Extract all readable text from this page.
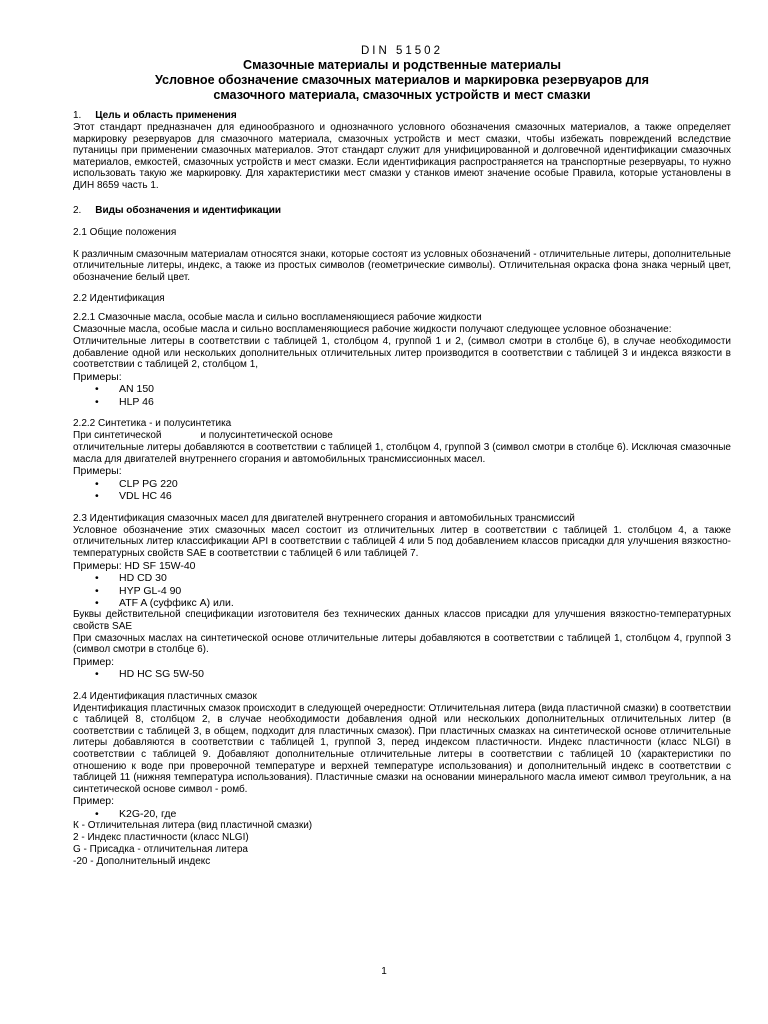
DIN 51502
Смазочные материалы и родственные материалы
Условное обозначение смазочных материалов и маркировка резервуаров для
смазочного материала, смазочных устройств и мест смазки
1. Цель и область применения
Этот стандарт предназначен для единообразного и однозначного условного обозначения смазочных материалов, а также определяет маркировку резервуаров для смазочного материала, смазочных устройств и мест смазки, чтобы избежать повреждений вследствие путаницы при применении смазочных материалов. Этот стандарт служит для унифицированной и долговечной идентификации смазочных материалов, емкостей, смазочных устройств и мест смазки. Если идентификация распространяется на транспортные резервуары, то нужно использовать такую же маркировку. Для характеристики мест смазки у станков имеют значение особые Правила, которые установлены в ДИН 8659 часть 1.
2. Виды обозначения и идентификации
2.1 Общие положения
К различным смазочным материалам относятся знаки, которые состоят из условных обозначений - отличительные литеры, дополнительные отличительные литеры, индекс, а также из простых символов (геометрические символы). Отличительная окраска фона знака черный цвет, обозначение белый цвет.
2.2 Идентификация
2.2.1 Смазочные масла, особые масла и сильно воспламеняющиеся рабочие жидкости
Смазочные масла, особые масла и сильно воспламеняющиеся рабочие жидкости получают следующее условное обозначение:
Отличительные литеры в соответствии с таблицей 1, столбцом 4, группой 1 и 2, (символ смотри в столбце 6), в случае необходимости добавление одной или нескольких дополнительных отличительных литер производится в соответствии с таблицей 3 и индекса вязкости в соответствии с таблицей 2, столбцом 1,
Примеры:
• AN 150
• HLP 46
2.2.2 Синтетика - и полусинтетика
При синтетической              и полусинтетической основе
отличительные литеры добавляются в соответствии с таблицей 1, столбцом 4, группой 3 (символ смотри в столбце 6). Исключая смазочные масла для двигателей внутреннего сгорания и автомобильных трансмиссионных масел.
Примеры:
• CLP PG 220
• VDL HC 46
2.3 Идентификация смазочных масел для двигателей внутреннего сгорания и автомобильных трансмиссий
Условное обозначение этих смазочных масел состоит из отличительных литер в соответствии с таблицей 1. столбцом 4, а также отличительных литер классификации API в соответствии с таблицей 4 или 5 под добавлением классов присадки для улучшения вязкостно-температурных свойств SAE в соответствии с таблицей 6 или таблицей 7.
Примеры: HD SF 15W-40
• HD CD 30
• HYP GL-4 90
• ATF A (суффикс А) или.
Буквы действительной спецификации изготовителя без технических данных классов присадки для улучшения вязкостно-температурных свойств SAE
При смазочных маслах на синтетической основе отличительные литеры добавляются в соответствии с таблицей 1, столбцом 4, группой 3 (символ смотри в столбце 6).
Пример:
• HD HC SG 5W-50
2.4 Идентификация пластичных смазок
Идентификация пластичных смазок происходит в следующей очередности: Отличительная литера (вида пластичной смазки) в соответствии с таблицей 8, столбцом 2, в случае необходимости добавления одной или нескольких дополнительных отличительных литер (в соответствии с таблицей 3, в общем, подходит для пластичных смазок). При пластичных смазках на синтетической основе отличительные литеры добавляются в соответствии с таблицей 1, группой 3, перед индексом пластичности. Индекс пластичности (класс NLGI) в соответствии с таблицей 9. Добавляют дополнительные отличительные литеры в соответствии с таблицей 10 (характеристики по отношению к воде при проверочной температуре и верхней температуре использования) и дополнительный индекс в соответствии с таблицей 11 (нижняя температура использования). Пластичные смазки на основании минерального масла имеют символ треугольник, а на синтетической основе символ - ромб.
Пример:
• K2G-20, где
К - Отличительная литера (вид пластичной смазки)
2 - Индекс пластичности (класс NLGI)
G - Присадка - отличительная литера
-20 - Дополнительный индекс
1
